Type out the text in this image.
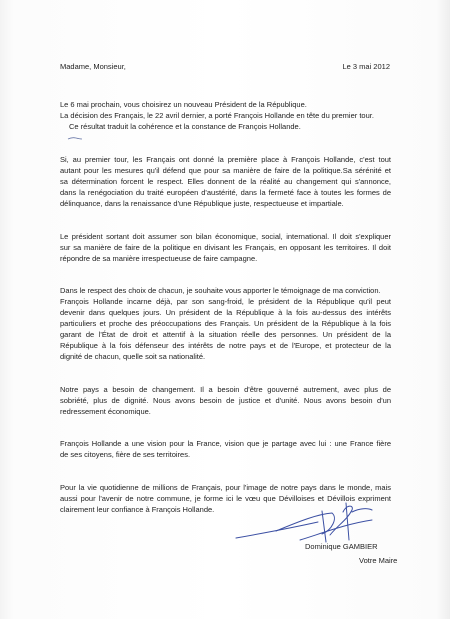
Madame, Monsieur,	Le 3 mai 2012
Le 6 mai prochain, vous choisirez un nouveau Président de la République.
La décision des Français, le 22 avril dernier, a porté François Hollande en tête du premier tour.
Ce résultat traduit la cohérence et la constance de François Hollande.
Si, au premier tour, les Français ont donné la première place à François Hollande, c'est tout
autant pour les mesures qu'il défend que pour sa manière de faire de la politique.Sa sérénité et
sa détermination forcent le respect. Elles donnent de la réalité au changement qui s'annonce,
dans la renégociation du traité européen d'austérité, dans la fermeté face à toutes les formes de
délinquance, dans la renaissance d'une République juste, respectueuse et impartiale.
Le président sortant doit assumer son bilan économique, social, international. Il doit s'expliquer
sur sa manière de faire de la politique en divisant les Français, en opposant les territoires. Il doit
répondre de sa manière irrespectueuse de faire campagne.
Dans le respect des choix de chacun, je souhaite vous apporter le témoignage de ma conviction.
François Hollande incarne déjà, par son sang-froid, le président de la République qu'il peut
devenir dans quelques jours. Un président de la République à la fois au-dessus des intérêts
particuliers et proche des préoccupations des Français. Un président de la République à la fois
garant de l'État de droit et attentif à la situation réelle des personnes. Un président de la
République à la fois défenseur des intérêts de notre pays et de l'Europe, et protecteur de la
dignité de chacun, quelle soit sa nationalité.
Notre pays a besoin de changement. Il a besoin d'être gouverné autrement, avec plus de
sobriété, plus de dignité. Nous avons besoin de justice et d'unité. Nous avons besoin d'un
redressement économique.
François Hollande a une vision pour la France, vision que je partage avec lui : une France fière
de ses citoyens, fière de ses territoires.
Pour la vie quotidienne de millions de Français, pour l'image de notre pays dans le monde, mais
aussi pour l'avenir de notre commune, je forme ici le vœu que Dévilloises et Dévillois expriment
clairement leur confiance à François Hollande.
Dominique GAMBIER
Votre Maire
